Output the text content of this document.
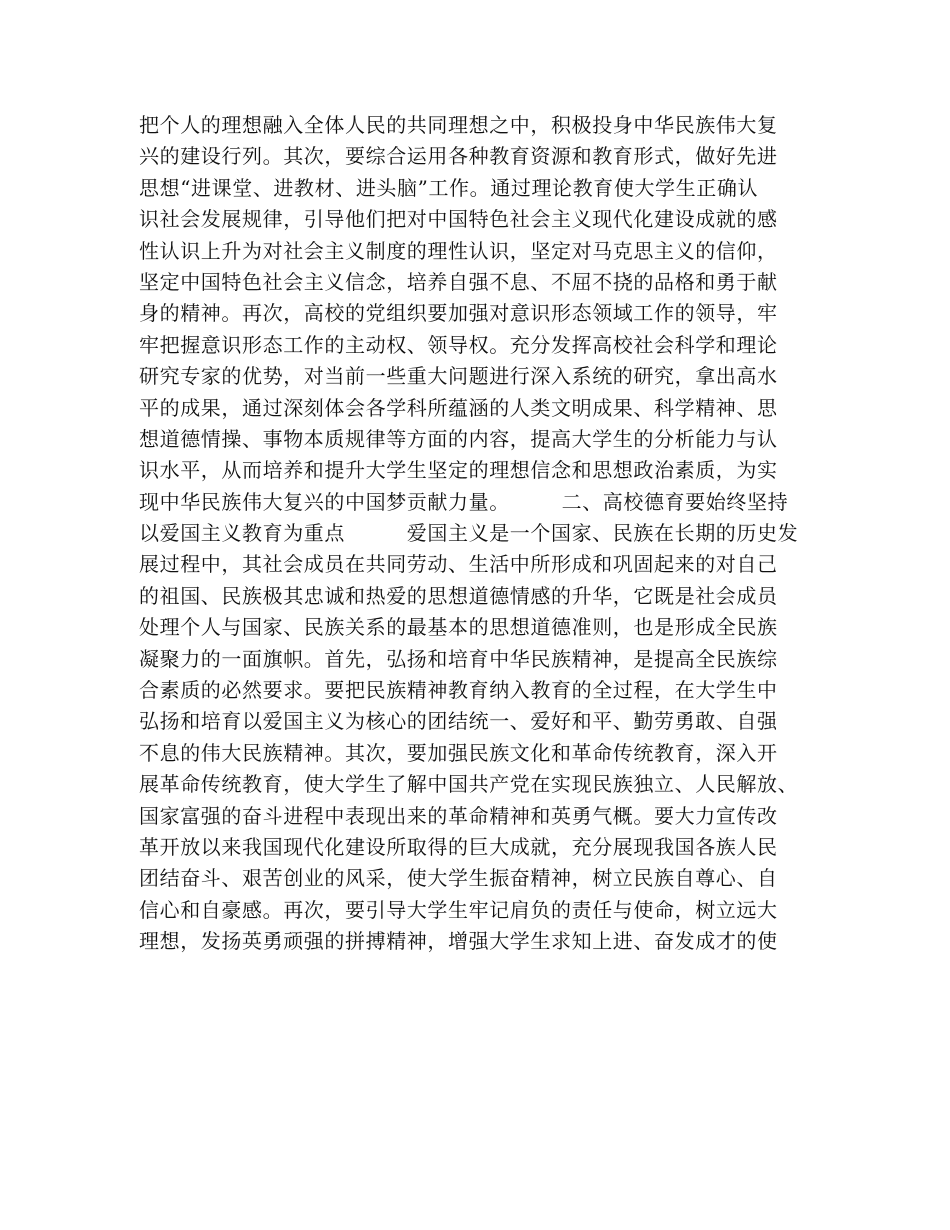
把个人的理想融入全体人民的共同理想之中，积极投身中华民族伟大复
兴的建设行列。其次，要综合运用各种教育资源和教育形式，做好先进
思想“进课堂、进教材、进头脑”工作。通过理论教育使大学生正确认
识社会发展规律，引导他们把对中国特色社会主义现代化建设成就的感
性认识上升为对社会主义制度的理性认识，坚定对马克思主义的信仰，
坚定中国特色社会主义信念，培养自强不息、不屈不挠的品格和勇于献
身的精神。再次，高校的党组织要加强对意识形态领域工作的领导，牢
牢把握意识形态工作的主动权、领导权。充分发挥高校社会科学和理论
研究专家的优势，对当前一些重大问题进行深入系统的研究，拿出高水
平的成果，通过深刻体会各学科所蕴涵的人类文明成果、科学精神、思
想道德情操、事物本质规律等方面的内容，提高大学生的分析能力与认
识水平，从而培养和提升大学生坚定的理想信念和思想政治素质，为实
现中华民族伟大复兴的中国梦贡献力量。　　　二、高校德育要始终坚持
以爱国主义教育为重点　　　爱国主义是一个国家、民族在长期的历史发
展过程中，其社会成员在共同劳动、生活中所形成和巩固起来的对自己
的祖国、民族极其忠诚和热爱的思想道德情感的升华，它既是社会成员
处理个人与国家、民族关系的最基本的思想道德准则，也是形成全民族
凝聚力的一面旗帜。首先，弘扬和培育中华民族精神，是提高全民族综
合素质的必然要求。要把民族精神教育纳入教育的全过程，在大学生中
弘扬和培育以爱国主义为核心的团结统一、爱好和平、勤劳勇敢、自强
不息的伟大民族精神。其次，要加强民族文化和革命传统教育，深入开
展革命传统教育，使大学生了解中国共产党在实现民族独立、人民解放、
国家富强的奋斗进程中表现出来的革命精神和英勇气概。要大力宣传改
革开放以来我国现代化建设所取得的巨大成就，充分展现我国各族人民
团结奋斗、艰苦创业的风采，使大学生振奋精神，树立民族自尊心、自
信心和自豪感。再次，要引导大学生牢记肩负的责任与使命，树立远大
理想，发扬英勇顽强的拼搏精神，增强大学生求知上进、奋发成才的使
